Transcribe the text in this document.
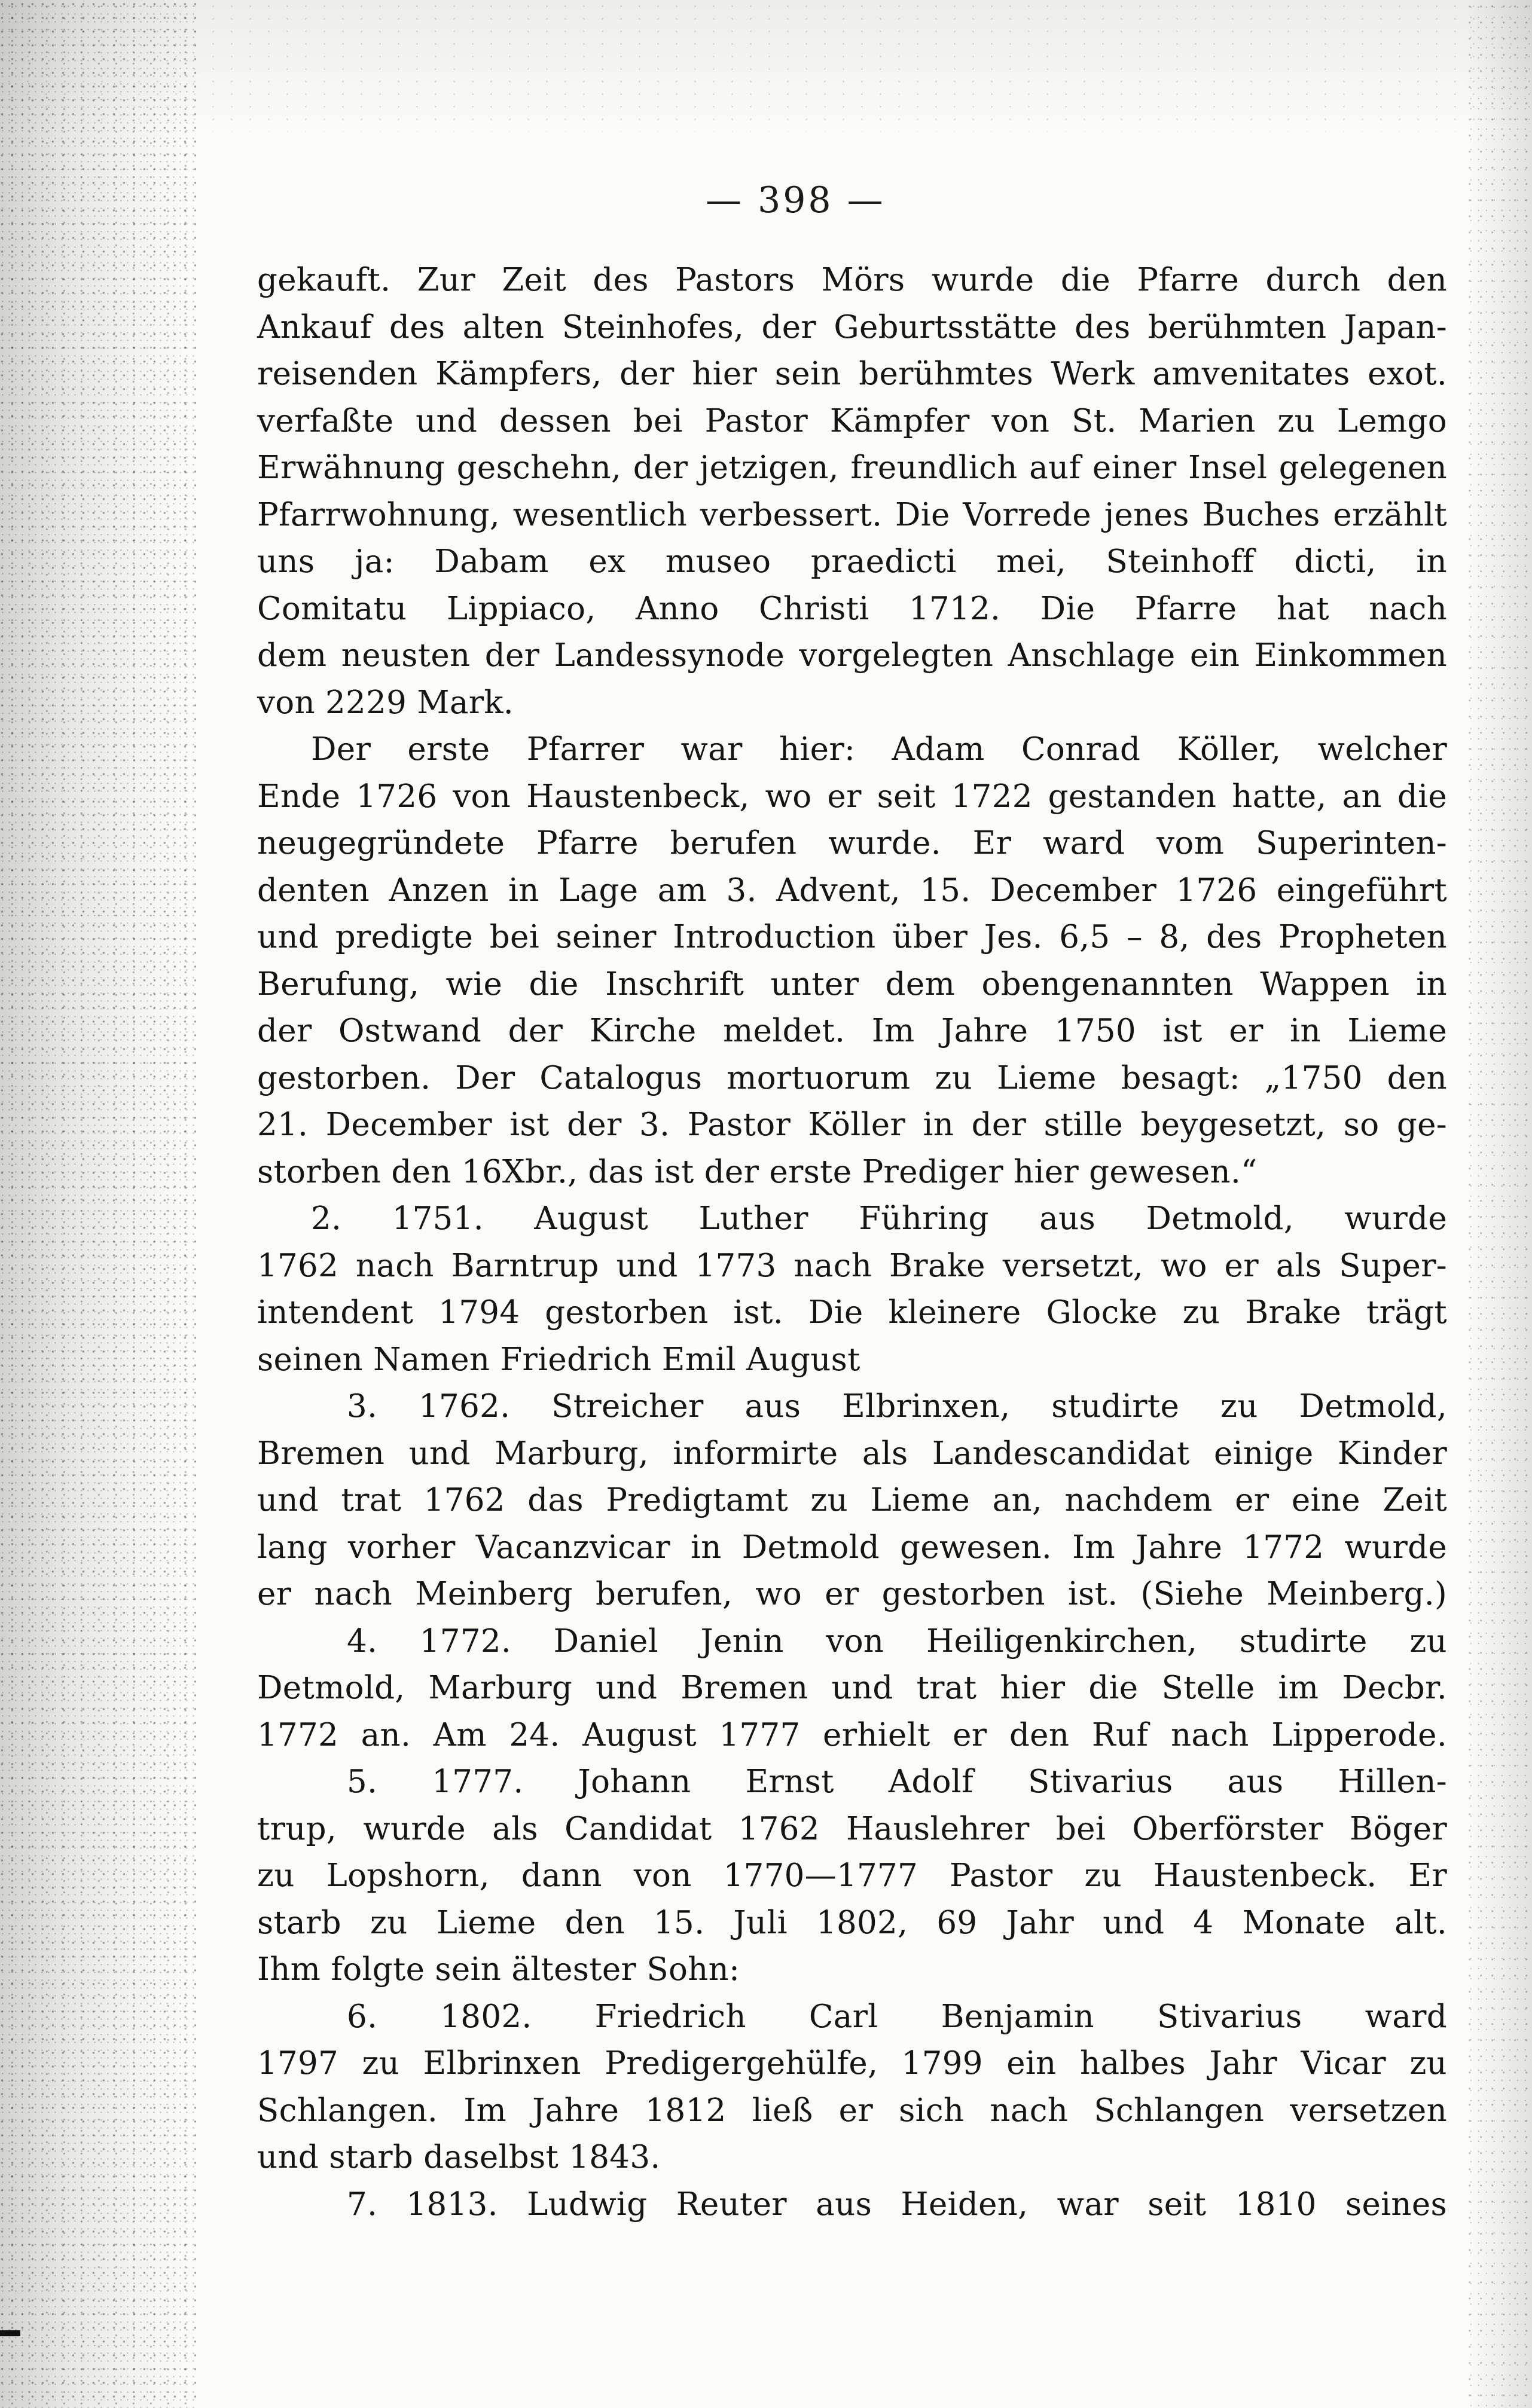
— 398 —
gekauft. Zur Zeit des Pastors Mörs wurde die Pfarre durch den
Ankauf des alten Steinhofes, der Geburtsstätte des berühmten Japan-
reisenden Kämpfers, der hier sein berühmtes Werk amvenitates exot.
verfaßte und dessen bei Pastor Kämpfer von St. Marien zu Lemgo
Erwähnung geschehn, der jetzigen, freundlich auf einer Insel gelegenen
Pfarrwohnung, wesentlich verbessert. Die Vorrede jenes Buches erzählt
uns ja: Dabam ex museo praedicti mei, Steinhoff dicti, in
Comitatu Lippiaco, Anno Christi 1712. Die Pfarre hat nach
dem neusten der Landessynode vorgelegten Anschlage ein Einkommen
von 2229 Mark.
Der erste Pfarrer war hier: Adam Conrad Köller, welcher
Ende 1726 von Haustenbeck, wo er seit 1722 gestanden hatte, an die
neugegründete Pfarre berufen wurde. Er ward vom Superinten-
denten Anzen in Lage am 3. Advent, 15. December 1726 eingeführt
und predigte bei seiner Introduction über Jes. 6,5 – 8, des Propheten
Berufung, wie die Inschrift unter dem obengenannten Wappen in
der Ostwand der Kirche meldet. Im Jahre 1750 ist er in Lieme
gestorben. Der Catalogus mortuorum zu Lieme besagt: „1750 den
21. December ist der 3. Pastor Köller in der stille beygesetzt, so ge-
storben den 16Xbr., das ist der erste Prediger hier gewesen.“
2. 1751. August Luther Führing aus Detmold, wurde
1762 nach Barntrup und 1773 nach Brake versetzt, wo er als Super-
intendent 1794 gestorben ist. Die kleinere Glocke zu Brake trägt
seinen Namen Friedrich Emil August
3. 1762. Streicher aus Elbrinxen, studirte zu Detmold,
Bremen und Marburg, informirte als Landescandidat einige Kinder
und trat 1762 das Predigtamt zu Lieme an, nachdem er eine Zeit
lang vorher Vacanzvicar in Detmold gewesen. Im Jahre 1772 wurde
er nach Meinberg berufen, wo er gestorben ist. (Siehe Meinberg.)
4. 1772. Daniel Jenin von Heiligenkirchen, studirte zu
Detmold, Marburg und Bremen und trat hier die Stelle im Decbr.
1772 an. Am 24. August 1777 erhielt er den Ruf nach Lipperode.
5. 1777. Johann Ernst Adolf Stivarius aus Hillen-
trup, wurde als Candidat 1762 Hauslehrer bei Oberförster Böger
zu Lopshorn, dann von 1770—1777 Pastor zu Haustenbeck. Er
starb zu Lieme den 15. Juli 1802, 69 Jahr und 4 Monate alt.
Ihm folgte sein ältester Sohn:
6. 1802. Friedrich Carl Benjamin Stivarius ward
1797 zu Elbrinxen Predigergehülfe, 1799 ein halbes Jahr Vicar zu
Schlangen. Im Jahre 1812 ließ er sich nach Schlangen versetzen
und starb daselbst 1843.
7. 1813. Ludwig Reuter aus Heiden, war seit 1810 seines
